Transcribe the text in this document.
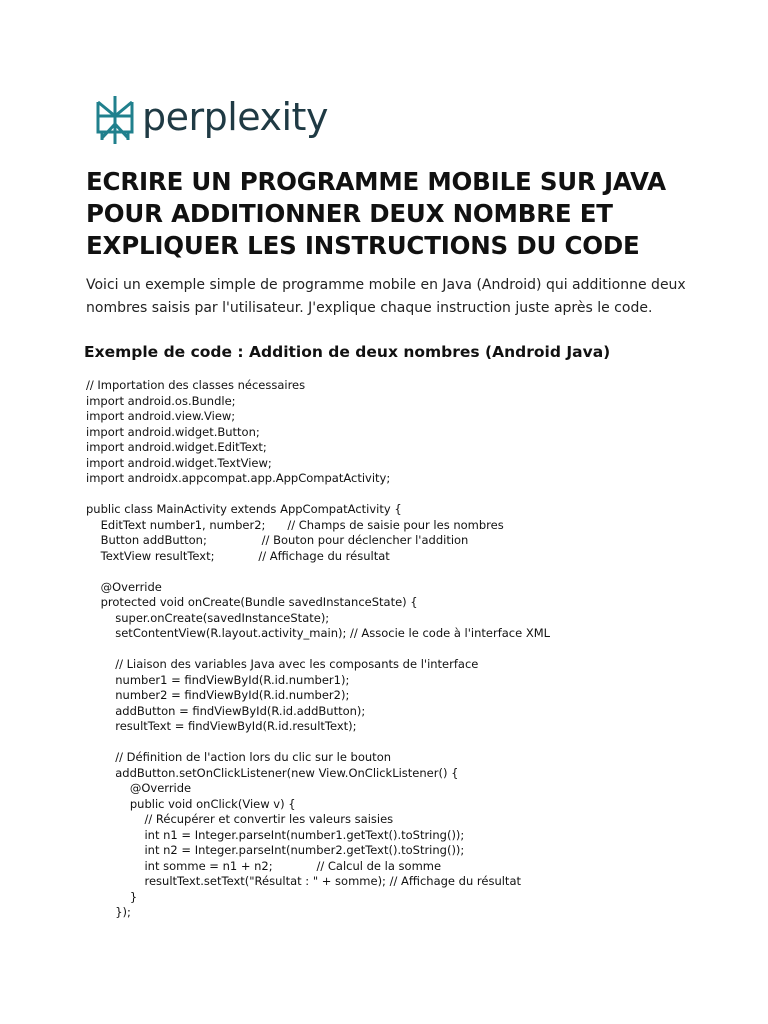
perplexity
ECRIRE UN PROGRAMME MOBILE SUR JAVA POUR ADDITIONNER DEUX NOMBRE ET EXPLIQUER LES INSTRUCTIONS DU CODE

Voici un exemple simple de programme mobile en Java (Android) qui additionne deux nombres saisis par l'utilisateur. J'explique chaque instruction juste après le code.

Exemple de code : Addition de deux nombres (Android Java)
// Importation des classes nécessaires
import android.os.Bundle;
import android.view.View;
import android.widget.Button;
import android.widget.EditText;
import android.widget.TextView;
import androidx.appcompat.app.AppCompatActivity;
public class MainActivity extends AppCompatActivity {
EditText number1, number2;      // Champs de saisie pour les nombres
Button addButton;               // Bouton pour déclencher l'addition
TextView resultText;            // Affichage du résultat
@Override
protected void onCreate(Bundle savedInstanceState) {
super.onCreate(savedInstanceState);
setContentView(R.layout.activity_main); // Associe le code à l'interface XML
// Liaison des variables Java avec les composants de l'interface
number1 = findViewById(R.id.number1);
number2 = findViewById(R.id.number2);
addButton = findViewById(R.id.addButton);
resultText = findViewById(R.id.resultText);
// Définition de l'action lors du clic sur le bouton
addButton.setOnClickListener(new View.OnClickListener() {
@Override
public void onClick(View v) {
// Récupérer et convertir les valeurs saisies
int n1 = Integer.parseInt(number1.getText().toString());
int n2 = Integer.parseInt(number2.getText().toString());
int somme = n1 + n2;            // Calcul de la somme
resultText.setText("Résultat : " + somme); // Affichage du résultat
}
});
